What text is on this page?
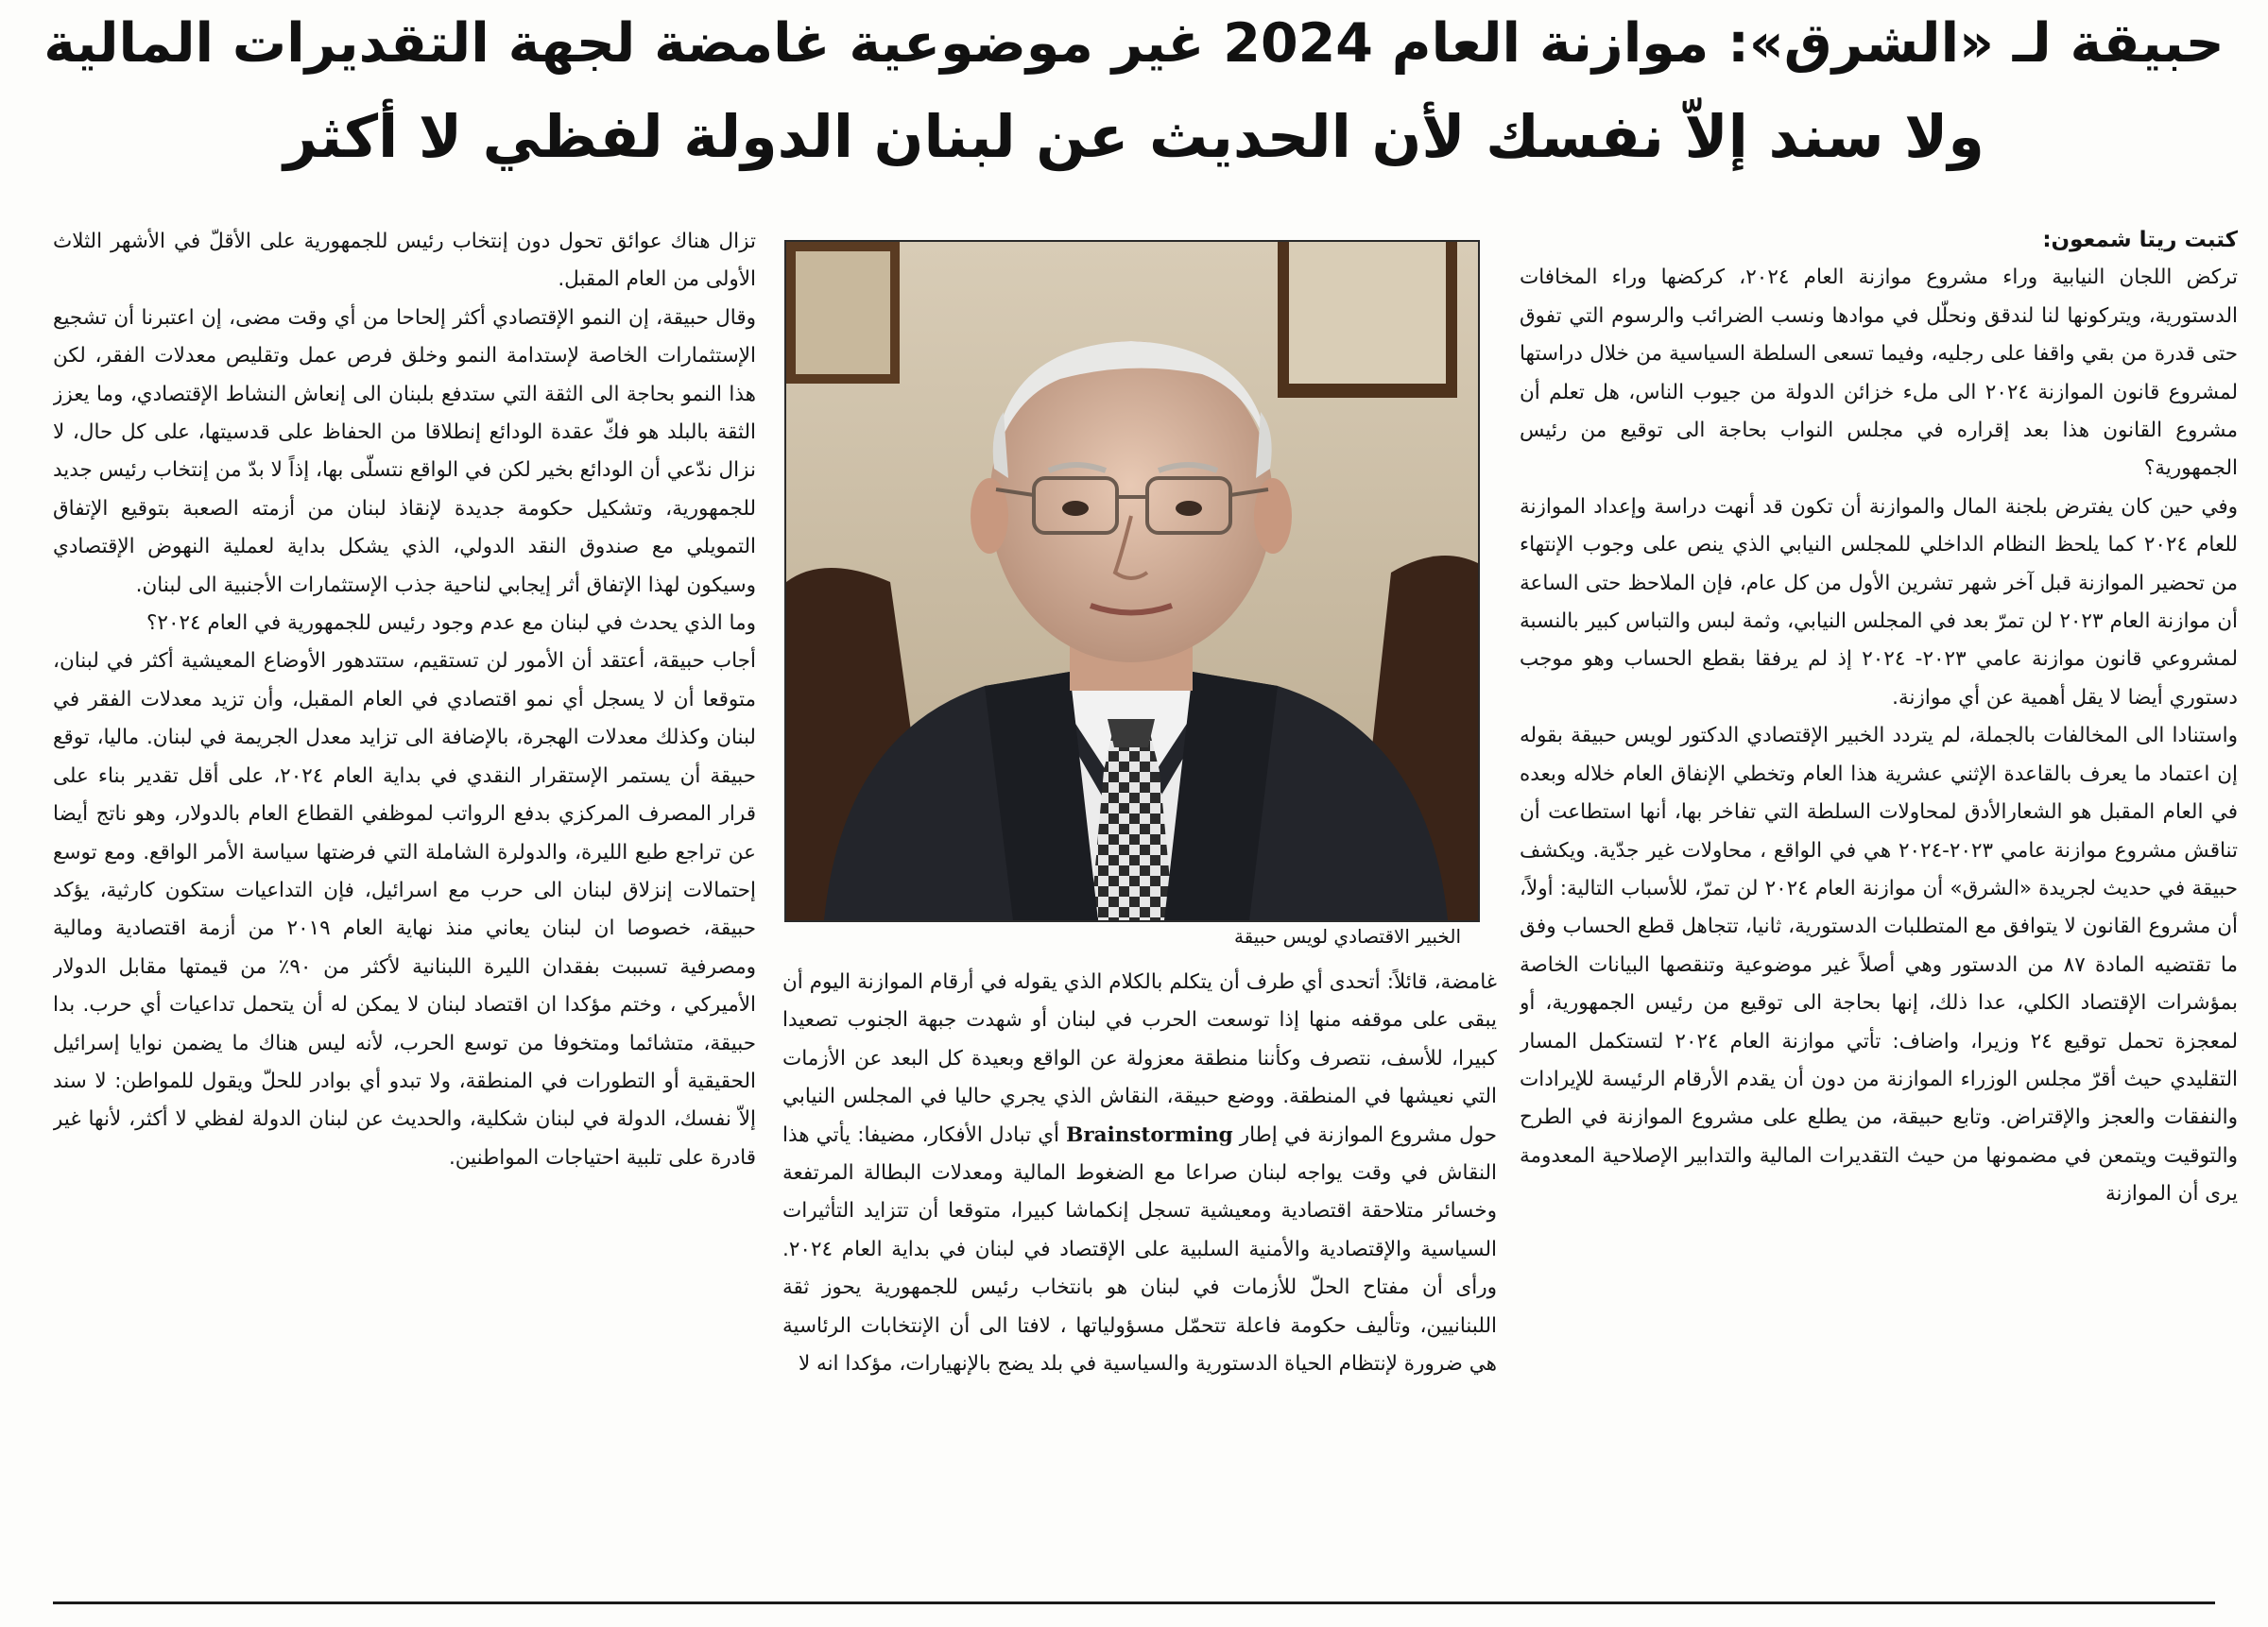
حبيقة لـ «الشرق»: موازنة العام 2024 غير موضوعية غامضة لجهة التقديرات المالية
ولا سند إلاّ نفسك لأن الحديث عن لبنان الدولة لفظي لا أكثر

كتبت ريتا شمعون:

تركض اللجان النيابية وراء مشروع موازنة العام ٢٠٢٤، كركضها وراء المخافات الدستورية، ويتركونها لنا لندقق ونحلّل في موادها ونسب الضرائب والرسوم التي تفوق حتى قدرة من بقي واقفا على رجليه، وفيما تسعى السلطة السياسية من خلال دراستها لمشروع قانون الموازنة ٢٠٢٤ الى ملء خزائن الدولة من جيوب الناس، هل تعلم أن مشروع القانون هذا بعد إقراره في مجلس النواب بحاجة الى توقيع من رئيس الجمهورية؟

وفي حين كان يفترض بلجنة المال والموازنة أن تكون قد أنهت دراسة وإعداد الموازنة للعام ٢٠٢٤ كما يلحظ النظام الداخلي للمجلس النيابي الذي ينص على وجوب الإنتهاء من تحضير الموازنة قبل آخر شهر تشرين الأول من كل عام، فإن الملاحظ حتى الساعة أن موازنة العام ٢٠٢٣ لن تمرّ بعد في المجلس النيابي، وثمة لبس والتباس كبير بالنسبة لمشروعي قانون موازنة عامي ٢٠٢٣- ٢٠٢٤ إذ لم يرفقا بقطع الحساب وهو موجب دستوري أيضا لا يقل أهمية عن أي موازنة.

واستنادا الى المخالفات بالجملة، لم يتردد الخبير الإقتصادي الدكتور لويس حبيقة بقوله إن اعتماد ما يعرف بالقاعدة الإثني عشرية هذا العام وتخطي الإنفاق العام خلاله وبعده في العام المقبل هو الشعارالأدق لمحاولات السلطة التي تفاخر بها، أنها استطاعت أن تناقش مشروع موازنة عامي ٢٠٢٣-٢٠٢٤ هي في الواقع ، محاولات غير جدّية. ويكشف حبيقة في حديث لجريدة «الشرق» أن موازنة العام ٢٠٢٤ لن تمرّ، للأسباب التالية: أولاً، أن مشروع القانون لا يتوافق مع المتطلبات الدستورية، ثانيا، تتجاهل قطع الحساب وفق ما تقتضيه المادة ٨٧ من الدستور وهي أصلاً غير موضوعية وتنقصها البيانات الخاصة بمؤشرات الإقتصاد الكلي، عدا ذلك، إنها بحاجة الى توقيع من رئيس الجمهورية، أو لمعجزة تحمل توقيع ٢٤ وزيرا، واضاف: تأتي موازنة العام ٢٠٢٤ لتستكمل المسار التقليدي حيث أقرّ مجلس الوزراء الموازنة من دون أن يقدم الأرقام الرئيسة للإيرادات والنفقات والعجز والإقتراض. وتابع حبيقة، من يطلع على مشروع الموازنة في الطرح والتوقيت ويتمعن في مضمونها من حيث التقديرات المالية والتدابير الإصلاحية المعدومة يرى أن الموازنة

الخبير الاقتصادي لويس حبيقة

غامضة، قائلاً: أتحدى أي طرف أن يتكلم بالكلام الذي يقوله في أرقام الموازنة اليوم أن يبقى على موقفه منها إذا توسعت الحرب في لبنان أو شهدت جبهة الجنوب تصعيدا كبيرا، للأسف، نتصرف وكأننا منطقة معزولة عن الواقع وبعيدة كل البعد عن الأزمات التي نعيشها في المنطقة. ووضع حبيقة، النقاش الذي يجري حاليا في المجلس النيابي حول مشروع الموازنة في إطار Brainstorming أي تبادل الأفكار، مضيفا: يأتي هذا النقاش في وقت يواجه لبنان صراعا مع الضغوط المالية ومعدلات البطالة المرتفعة وخسائر متلاحقة اقتصادية ومعيشية تسجل إنكماشا كبيرا، متوقعا أن تتزايد التأثيرات السياسية والإقتصادية والأمنية السلبية على الإقتصاد في لبنان في بداية العام ٢٠٢٤. ورأى أن مفتاح الحلّ للأزمات في لبنان هو بانتخاب رئيس للجمهورية يحوز ثقة اللبنانيين، وتأليف حكومة فاعلة تتحمّل مسؤولياتها ، لافتا الى أن الإنتخابات الرئاسية هي ضرورة لإنتظام الحياة الدستورية والسياسية في بلد يضج بالإنهيارات، مؤكدا انه لا

تزال هناك عوائق تحول دون إنتخاب رئيس للجمهورية على الأقلّ في الأشهر الثلاث الأولى من العام المقبل.

وقال حبيقة، إن النمو الإقتصادي أكثر إلحاحا من أي وقت مضى، إن اعتبرنا أن تشجيع الإستثمارات الخاصة لإستدامة النمو وخلق فرص عمل وتقليص معدلات الفقر، لكن هذا النمو بحاجة الى الثقة التي ستدفع بلبنان الى إنعاش النشاط الإقتصادي، وما يعزز الثقة بالبلد هو فكّ عقدة الودائع إنطلاقا من الحفاظ على قدسيتها، على كل حال، لا نزال ندّعي أن الودائع بخير لكن في الواقع نتسلّى بها، إذاً لا بدّ من إنتخاب رئيس جديد للجمهورية، وتشكيل حكومة جديدة لإنقاذ لبنان من أزمته الصعبة بتوقيع الإتفاق التمويلي مع صندوق النقد الدولي، الذي يشكل بداية لعملية النهوض الإقتصادي وسيكون لهذا الإتفاق أثر إيجابي لناحية جذب الإستثمارات الأجنبية الى لبنان.

وما الذي يحدث في لبنان مع عدم وجود رئيس للجمهورية في العام ٢٠٢٤؟

أجاب حبيقة، أعتقد أن الأمور لن تستقيم، ستتدهور الأوضاع المعيشية أكثر في لبنان، متوقعا أن لا يسجل أي نمو اقتصادي في العام المقبل، وأن تزيد معدلات الفقر في لبنان وكذلك معدلات الهجرة، بالإضافة الى تزايد معدل الجريمة في لبنان. ماليا، توقع حبيقة أن يستمر الإستقرار النقدي في بداية العام ٢٠٢٤، على أقل تقدير بناء على قرار المصرف المركزي بدفع الرواتب لموظفي القطاع العام بالدولار، وهو ناتج أيضا عن تراجع طبع الليرة، والدولرة الشاملة التي فرضتها سياسة الأمر الواقع. ومع توسع إحتمالات إنزلاق لبنان الى حرب مع اسرائيل، فإن التداعيات ستكون كارثية، يؤكد حبيقة، خصوصا ان لبنان يعاني منذ نهاية العام ٢٠١٩ من أزمة اقتصادية ومالية ومصرفية تسببت بفقدان الليرة اللبنانية لأكثر من ٩٠٪ من قيمتها مقابل الدولار الأميركي ، وختم مؤكدا ان اقتصاد لبنان لا يمكن له أن يتحمل تداعيات أي حرب. بدا حبيقة، متشائما ومتخوفا من توسع الحرب، لأنه ليس هناك ما يضمن نوايا إسرائيل الحقيقية أو التطورات في المنطقة، ولا تبدو أي بوادر للحلّ ويقول للمواطن: لا سند إلاّ نفسك، الدولة في لبنان شكلية، والحديث عن لبنان الدولة لفظي لا أكثر، لأنها غير قادرة على تلبية احتياجات المواطنين.
